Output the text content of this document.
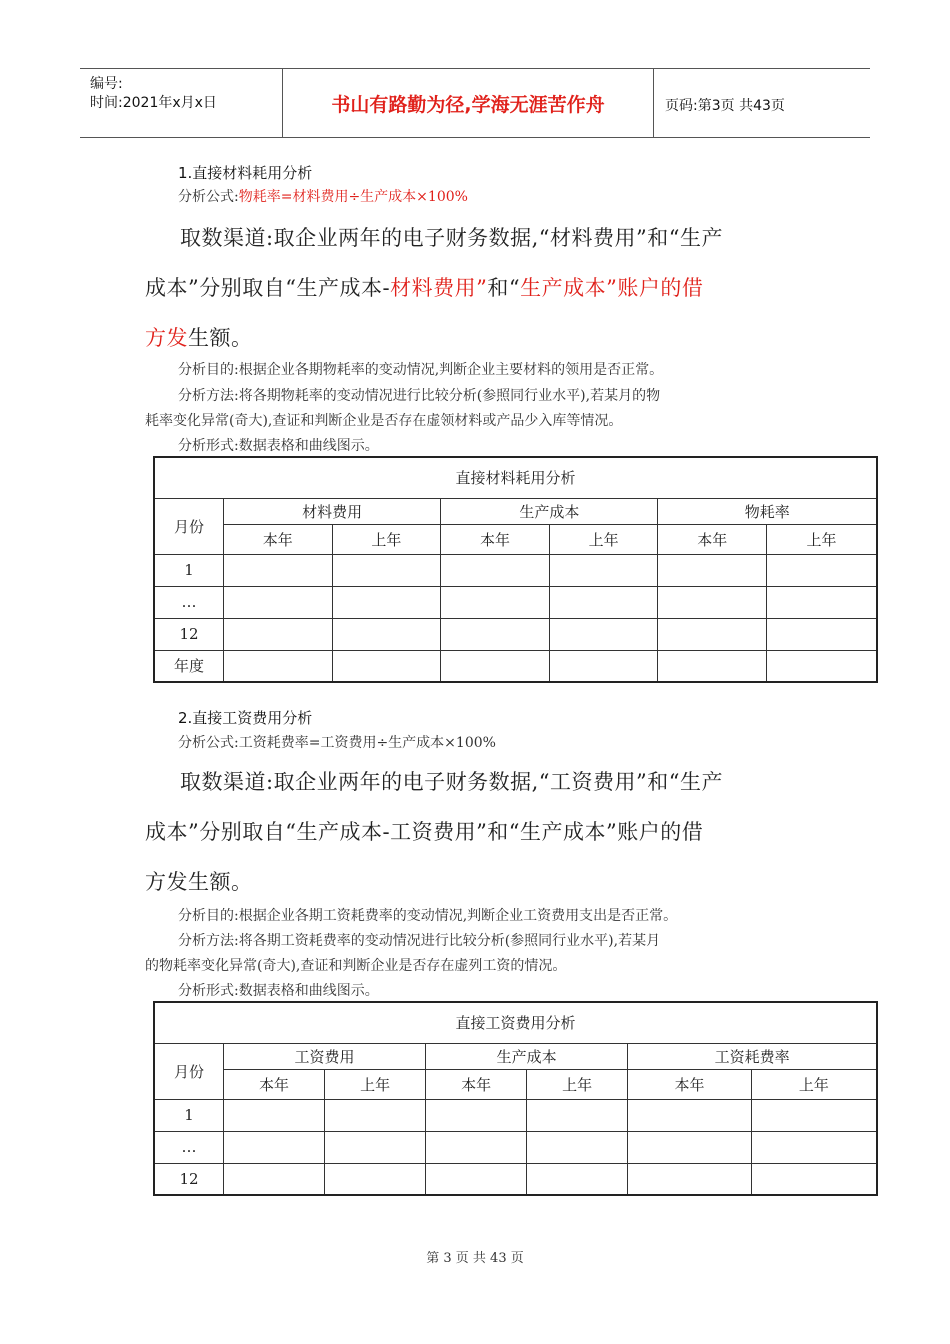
编号:
时间:2021年x月x日	书山有路勤为径,学海无涯苦作舟	页码:第3页 共43页
1.直接材料耗用分析
分析公式:物耗率=材料费用÷生产成本×100%
取数渠道:取企业两年的电子财务数据,“材料费用”和“生产
成本”分别取自“生产成本-材料费用”和“生产成本”账户的借
方发生额。
分析目的:根据企业各期物耗率的变动情况,判断企业主要材料的领用是否正常。
分析方法:将各期物耗率的变动情况进行比较分析(参照同行业水平),若某月的物
耗率变化异常(奇大),查证和判断企业是否存在虚领材料或产品少入库等情况。
分析形式:数据表格和曲线图示。
直接材料耗用分析						
月份	材料费用		生产成本		物耗率	
	本年	上年	本年	上年	本年	上年
1						
…						
12						
年度						
2.直接工资费用分析
分析公式:工资耗费率=工资费用÷生产成本×100%
取数渠道:取企业两年的电子财务数据,“工资费用”和“生产
成本”分别取自“生产成本-工资费用”和“生产成本”账户的借
方发生额。
分析目的:根据企业各期工资耗费率的变动情况,判断企业工资费用支出是否正常。
分析方法:将各期工资耗费率的变动情况进行比较分析(参照同行业水平),若某月
的物耗率变化异常(奇大),查证和判断企业是否存在虚列工资的情况。
分析形式:数据表格和曲线图示。
直接工资费用分析						
月份	工资费用		生产成本		工资耗费率	
	本年	上年	本年	上年	本年	上年
1						
…						
12						
第 3 页 共 43 页
